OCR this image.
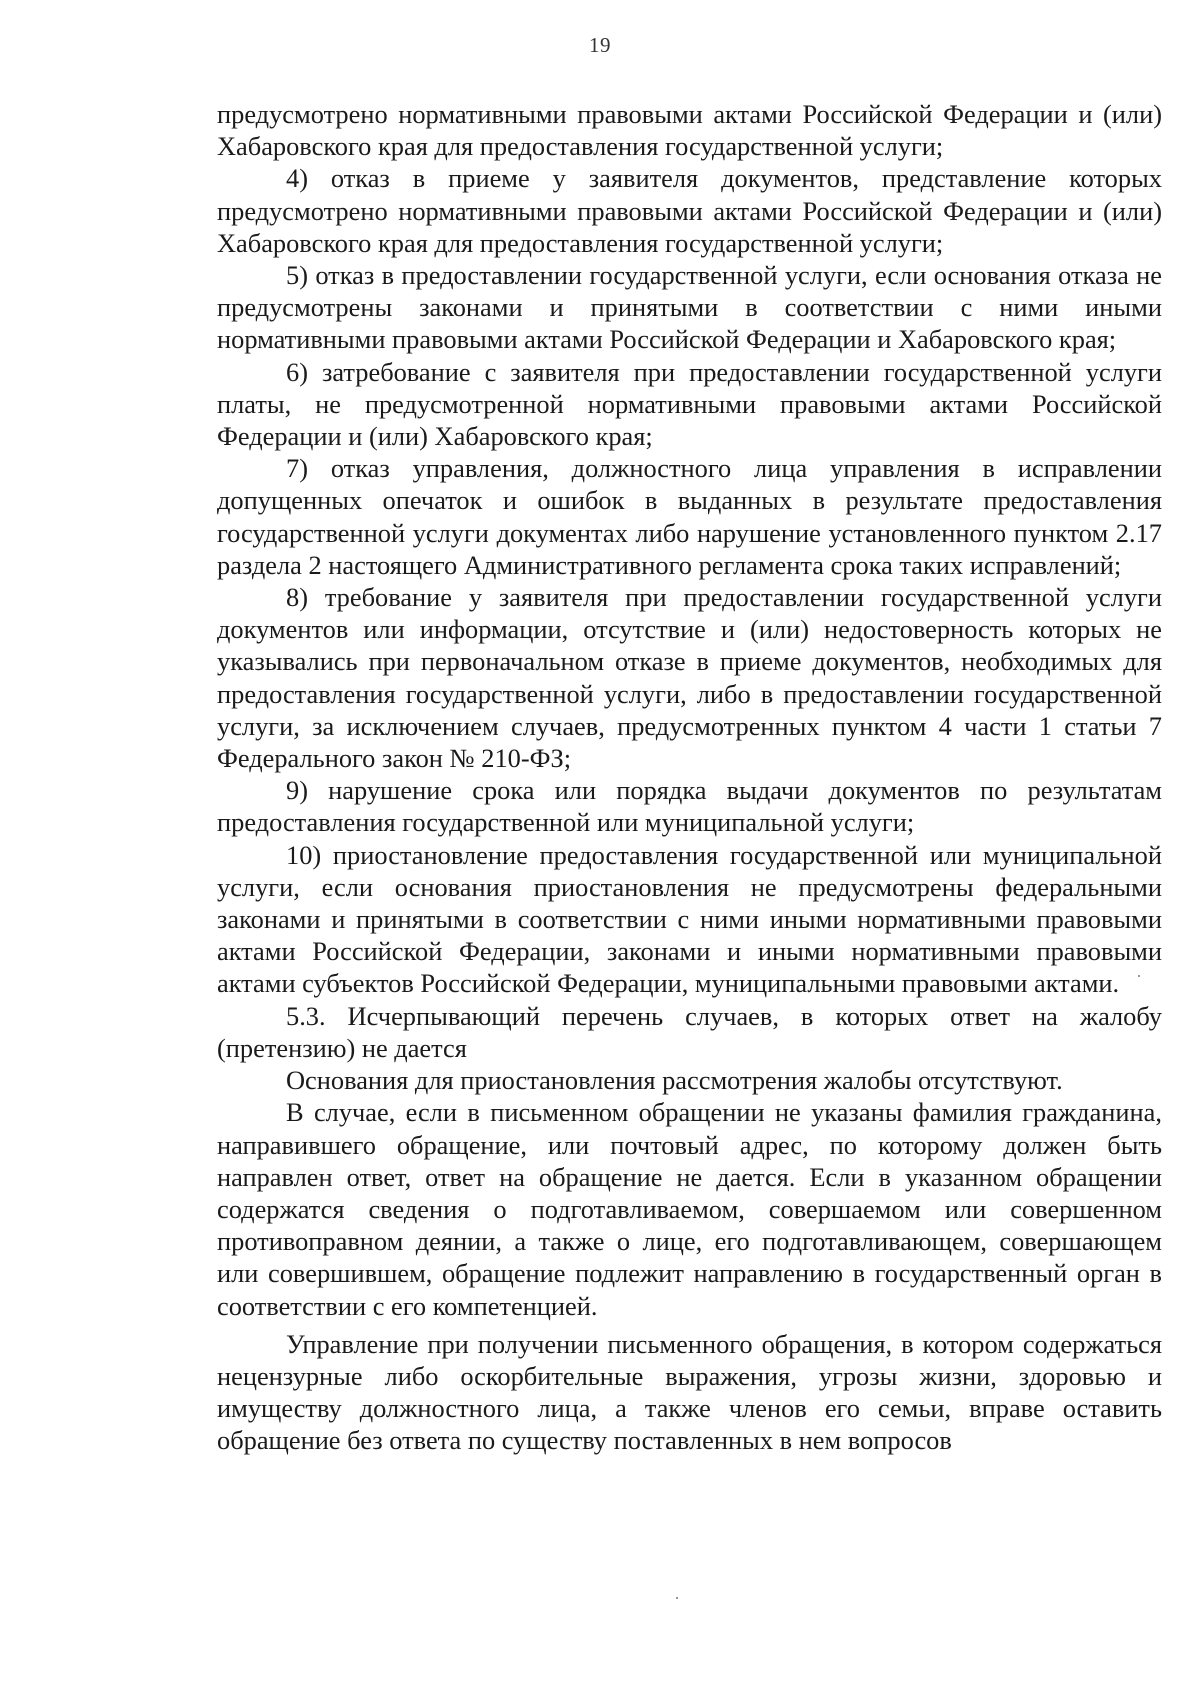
19

предусмотрено нормативными правовыми актами Российской Федерации и (или) Хабаровского края для предоставления государственной услуги;

4) отказ в приеме у заявителя документов, представление которых предусмотрено нормативными правовыми актами Российской Федерации и (или) Хабаровского края для предоставления государственной услуги;

5) отказ в предоставлении государственной услуги, если основания отказа не предусмотрены законами и принятыми в соответствии с ними иными нормативными правовыми актами Российской Федерации и Хабаровского края;

6) затребование с заявителя при предоставлении государственной услуги платы, не предусмотренной нормативными правовыми актами Российской Федерации и (или) Хабаровского края;

7) отказ управления, должностного лица управления в исправлении допущенных опечаток и ошибок в выданных в результате предоставления государственной услуги документах либо нарушение установленного пунктом 2.17 раздела 2 настоящего Административного регламента срока таких исправлений;

8) требование у заявителя при предоставлении государственной услуги документов или информации, отсутствие и (или) недостоверность которых не указывались при первоначальном отказе в приеме документов, необходимых для предоставления государственной услуги, либо в предоставлении государственной услуги, за исключением случаев, предусмотренных пунктом 4 части 1 статьи 7 Федерального закон № 210-ФЗ;

9) нарушение срока или порядка выдачи документов по результатам предоставления государственной или муниципальной услуги;

10) приостановление предоставления государственной или муниципальной услуги, если основания приостановления не предусмотрены федеральными законами и принятыми в соответствии с ними иными нормативными правовыми актами Российской Федерации, законами и иными нормативными правовыми актами субъектов Российской Федерации, муниципальными правовыми актами.

5.3. Исчерпывающий перечень случаев, в которых ответ на жалобу (претензию) не дается

Основания для приостановления рассмотрения жалобы отсутствуют.

В случае, если в письменном обращении не указаны фамилия гражданина, направившего обращение, или почтовый адрес, по которому должен быть направлен ответ, ответ на обращение не дается. Если в указанном обращении содержатся сведения о подготавливаемом, совершаемом или совершенном противоправном деянии, а также о лице, его подготавливающем, совершающем или совершившем, обращение подлежит направлению в государственный орган в соответствии с его компетенцией.

Управление при получении письменного обращения, в котором содержаться нецензурные либо оскорбительные выражения, угрозы жизни, здоровью и имуществу должностного лица, а также членов его семьи, вправе оставить обращение без ответа по существу поставленных в нем вопросов
